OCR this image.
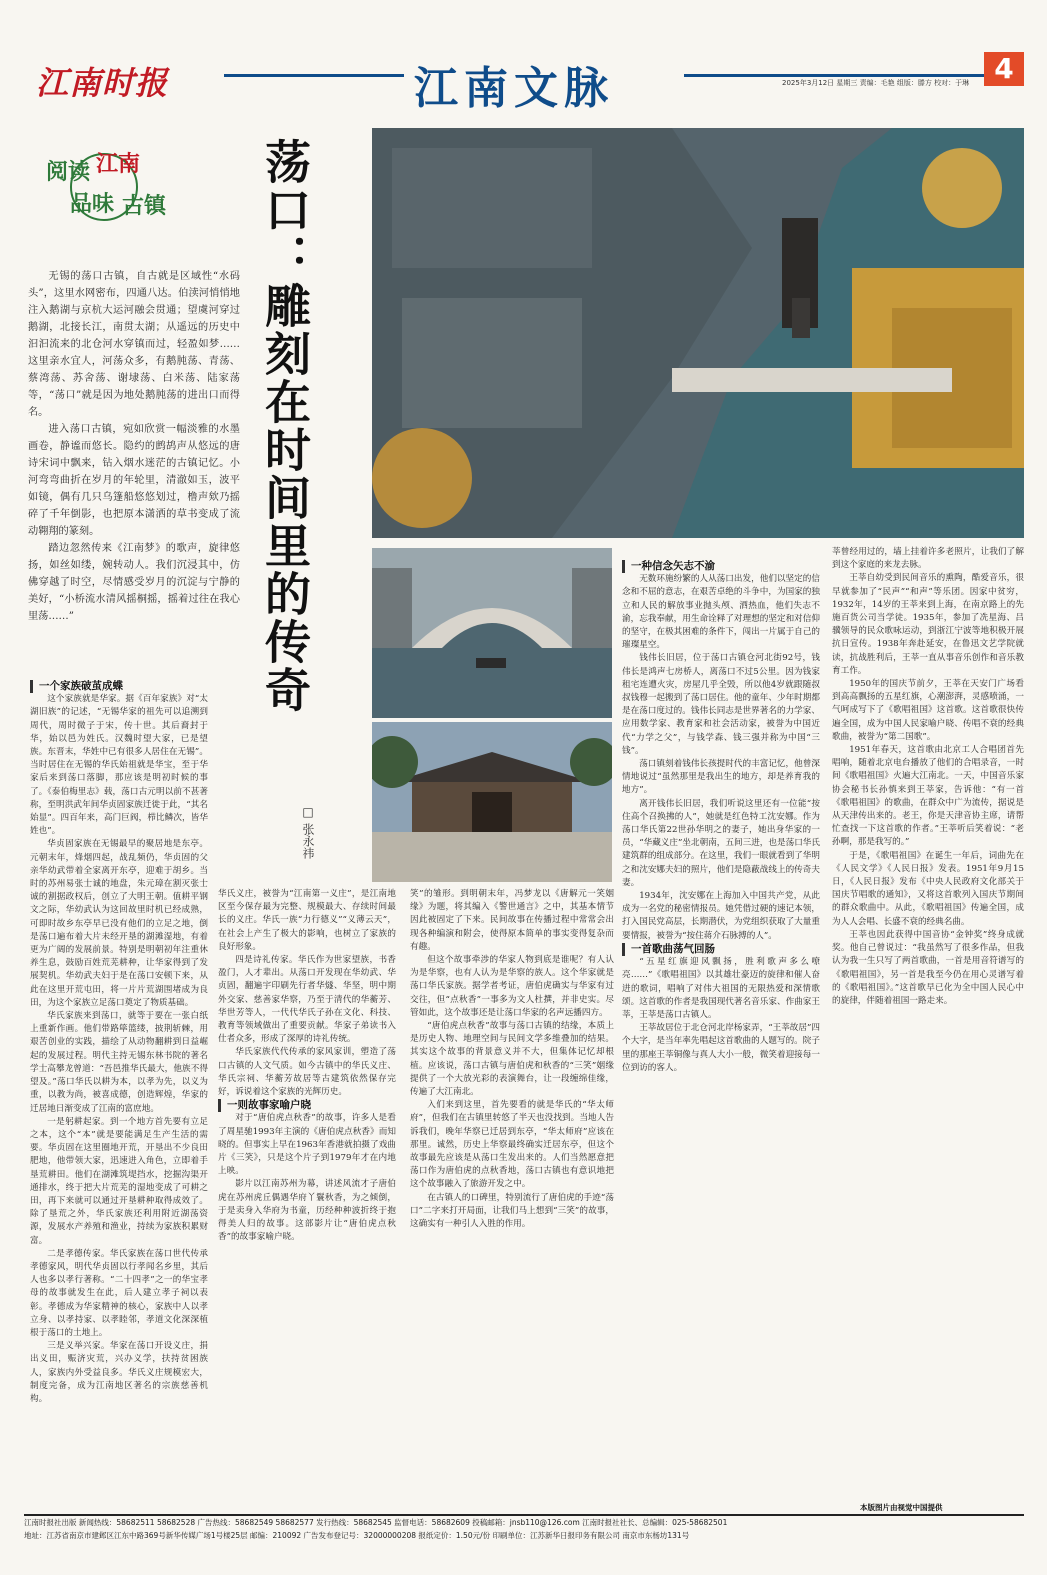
江南时报	江南文脉	2025年3月12日 星期三 责编：毛艳 组版：滕方 校对：于琳 4
阅读 江南
品味 古镇 荡口：雕刻在时间里的传奇
□ 张永祎

无锡的荡口古镇，自古就是区域性“水码头”，这里水网密布，四通八达。伯渎河悄悄地注入鹅湖与京杭大运河融会贯通；望虞河穿过鹅湖，北接长江，南贯太湖；从遥远的历史中汩汩流来的北仓河水穿镇而过，轻盈如梦……这里亲水宜人，河荡众多，有鹅肫荡、青荡、蔡湾荡、苏舍荡、谢埭荡、白米荡、陆家荡等，“荡口”就是因为地处鹅肫荡的进出口而得名。

进入荡口古镇，宛如欣赏一幅淡雅的水墨画卷，静谧而悠长。隐约的鹧鸪声从悠远的唐诗宋词中飘来，钻入烟水迷茫的古镇记忆。小河弯弯曲折在岁月的年轮里，清澈如玉，波平如镜，偶有几只乌篷船悠悠划过，橹声欸乃摇碎了千年倒影，也把原本潇洒的草书变成了流动翱翔的篆刻。

踏边忽然传来《江南梦》的歌声，旋律悠扬，如丝如缕，婉转动人。我们沉浸其中，仿佛穿越了时空，尽情感受岁月的沉淀与宁静的美好，“小桥流水清风摇桐摇，摇着过往在我心里荡……”

一个家族破茧成蝶

这个家族就是华家。据《百年家族》对“太湖旧族”的记述，“无锡华家的祖先可以追溯到周代，周时微子于宋，传十世。其后裔封于华，始以邑为姓氏。汉魏时望大家，已是望族。东晋末，华姓中已有很多人居住在无锡”。当时居住在无锡的华氏始祖就是华宝，至于华家后来到荡口落脚，那应该是明初时候的事了。《泰伯梅里志》载，荡口古元明以前不甚著称，至明洪武年间华贞固家族迁徙于此，“其名始显”。四百年来，高门巨阀，栉比鳞次，皆华姓也”。

华贞固家族在无锡最早的聚居地是东亭。元朝末年，烽烟四起，战乱频仍，华贞固的父亲华幼武带着全家离开东亭，迎难于胡乡。当时的苏州易张士诚的地盘，朱元璋在割灭张士诚的割据政权后，创立了大明王朝。值耕平钢文之际，华幼武认为这回故里时机已经成熟，可即时故乡东亭早已没有他们的立足之地，倒是荡口遍布着大片未经开垦的湖滩湿地，有着更为广阔的发展前景。特别是明朝初年注重休养生息，鼓励百姓荒芜耕种，让华家得到了发展契机。华幼武夫妇于是在荡口安顿下来，从此在这里开荒屯田，将一片片荒湖围堵成为良田，为这个家族立足荡口奠定了物质基础。

华氏家族来到荡口，就等于要在一张白纸上重新作画。他们带路筚篮缕，披荆斩棘，用艰苦创业的实践，描绘了从动物翻耕到日益崛起的发展过程。明代主持无锡东林书院的著名学士高攀龙曾道：“吾邑推华氏最大，他族不得望及。”荡口华氏以耕为本，以孝为先，以义为重，以教为尚，被喜成德，创造辉煌，华家的迁居地日渐变成了江南的富庶地。

一是躬耕起家。到一个地方首先要有立足之本，这个“本”就是要能满足生产生活的需要。华贞固在这里圈地开荒，开垦出不少良田肥地，他带领大家，迅速进入角色，立即着手垦荒耕田。他们在湖滩筑堤挡水，挖掘沟渠开通排水，终于把大片荒芜的湿地变成了可耕之田，再下来就可以通过开垦耕种取得成效了。除了垦荒之外，华氏家族还利用附近湖荡资源，发展水产养殖和渔业，持续为家族积累财富。

二是孝德传家。华氏家族在荡口世代传承孝德家风，明代华贞固以行孝闻名乡里，其后人也多以孝行著称。“二十四孝”之一的华宝孝母的故事就发生在此，后人建立孝子祠以表彰。孝德成为华家精神的核心，家族中人以孝立身、以孝持家、以孝睦邻，孝道文化深深植根于荡口的土地上。

三是义举兴家。华家在荡口开设义庄，捐出义田，赈济灾荒，兴办义学，扶持贫困族人，家族内外受益良多。华氏义庄规模宏大，制度完备，成为江南地区著名的宗族慈善机构。

华氏义庄，被誉为“江南第一义庄”，是江南地区至今保存最为完整、规模最大、存续时间最长的义庄。华氏一族“力行德义”“义薄云天”，在社会上产生了极大的影响，也树立了家族的良好形象。

四是诗礼传家。华氏作为世家望族，书香盈门，人才辈出。从荡口开发现在华幼武、华贞固，翻遍宇印刷先行者华燧、华坚，明中期外交家、慈善家华察，乃至于清代的华蘅芳、华世芳等人，一代代华氏子孙在文化、科技、教育等领域做出了重要贡献。华家子弟读书入仕者众多，形成了深厚的诗礼传统。

华氏家族代代传承的家风家训，塑造了荡口古镇的人文气质。如今古镇中的华氏义庄、华氏宗祠、华蘅芳故居等古建筑依然保存完好，诉说着这个家族的光辉历史。

一则故事家喻户晓

对于“唐伯虎点秋香”的故事，许多人是看了周星驰1993年主演的《唐伯虎点秋香》而知晓的。但事实上早在1963年香港就拍摄了戏曲片《三笑》，只是这个片子到1979年才在内地上映。

影片以江南苏州为幕，讲述风流才子唐伯虎在苏州虎丘偶遇华府丫鬟秋香，为之倾倒，于是卖身入华府为书童，历经种种波折终于抱得美人归的故事。这部影片让“唐伯虎点秋香”的故事家喻户晓。

笑”的雏形。到明朝末年，冯梦龙以《唐解元一笑姻缘》为题，将其编入《警世通言》之中，其基本情节因此被固定了下来。民间故事在传播过程中常常会出现各种编演和附会，使得原本简单的事实变得复杂而有趣。

但这个故事牵涉的华家人物到底是谁呢？有人认为是华察，也有人认为是华察的族人。这个华家就是荡口华氏家族。据学者考证，唐伯虎确实与华家有过交往，但“点秋香”一事多为文人杜撰，并非史实。尽管如此，这个故事还是让荡口华家的名声远播四方。

“唐伯虎点秋香”故事与荡口古镇的结缘，本质上是历史人物、地理空间与民间文学多维叠加的结果。其实这个故事的背景意义并不大，但集体记忆却根植。应该说，荡口古镇与唐伯虎和秋香的“三笑”姻缘提供了一个大放光彩的表演舞台，让一段缠绵佳缘，传遍了大江南北。

入们来到这里，首先要看的就是华氏的“华太师府”，但我们在古镇里转悠了半天也没找到。当地人告诉我们，晚年华察已迁居到东亭，“华太师府”应该在那里。诚然，历史上华察最终确实迁居东亭，但这个故事最先应该是从荡口生发出来的。人们当然愿意把荡口作为唐伯虎的点秋香地，荡口古镇也有意识地把这个故事融入了旅游开发之中。

在古镇人的口碑里，特别流行了唐伯虎的手迹“荡口”二字来打开局面，让我们马上想到“三笑”的故事，这确实有一种引人入胜的作用。

一种信念矢志不渝

无数环施纷繁的人从荡口出发，他们以坚定的信念和不屈的意志，在艰苦卓绝的斗争中，为国家的独立和人民的解放事业抛头颅、洒热血，他们失志不渝，忘我奉献，用生命诠释了对理想的坚定和对信仰的坚守，在极其困难的条件下，闯出一片属于自己的璀璨星空。

钱伟长旧居，位于荡口古镇仓河北街92号，钱伟长是鸿声七房桥人，离荡口不过5公里。因为钱家租宅连遭火灾，房屋几乎全毁，所以他4岁就跟随叔叔钱穆一起搬到了荡口居住。他的童年、少年时期都是在荡口度过的。钱伟长同志是世界著名的力学家、应用数学家、教育家和社会活动家，被誉为中国近代“力学之父”，与钱学森、钱三强并称为中国“三钱”。

荡口镇刻着钱伟长孩提时代的丰富记忆，他曾深情地说过“虽然那里是我出生的地方，却是养育我的地方”。

离开钱伟长旧居，我们听说这里还有一位能“按住高个召换拂的人”，她就是红色特工沈安娜。作为荡口华氏第22世孙华明之的妻子，她出身华家的一员，“华藏义庄”坐北朝南，五间三进，也是荡口华氏建筑群的组成部分。在这里，我们一眼就看到了华明之和沈安娜夫妇的照片，他们是隐蔽战线上的传奇夫妻。

1934年，沈安娜在上海加入中国共产党，从此成为一名党的秘密情报员。她凭借过硬的速记本领，打入国民党高层，长期潜伏，为党组织获取了大量重要情报，被誉为“按住蒋介石脉搏的人”。

一首歌曲荡气回肠

“五星红旗迎风飘扬，胜利歌声多么嘹亮……”《歌唱祖国》以其雄壮豪迈的旋律和催人奋进的歌词，唱响了对伟大祖国的无限热爱和深情歌颂。这首歌的作者是我国现代著名音乐家、作曲家王莘，王莘是荡口古镇人。

王莘故居位于北仓河北岸杨家弄，“王莘故居”四个大字，是当年率先唱起这首歌曲的人题写的。院子里的那座王莘铜像与真人大小一般，微笑着迎接每一位到访的客人。

莘曾经用过的，墙上挂着许多老照片，让我们了解到这个家庭的来龙去脉。

王莘自幼受到民间音乐的熏陶，酷爱音乐，很早就参加了“民声”“和声”等乐团。因家中贫穷，1932年，14岁的王莘来到上海，在南京路上的先施百货公司当学徒。1935年，参加了冼星海、吕骥领导的民众歌咏运动，到浙江宁波等地积极开展抗日宣传。1938年奔赴延安，在鲁迅文艺学院就读，抗战胜利后，王莘一直从事音乐创作和音乐教育工作。

1950年的国庆节前夕，王莘在天安门广场看到高高飘扬的五星红旗，心潮澎湃，灵感喷涌，一气呵成写下了《歌唱祖国》这首歌。这首歌很快传遍全国，成为中国人民家喻户晓、传唱不衰的经典歌曲，被誉为“第二国歌”。

1951年春天，这首歌由北京工人合唱团首先唱响，随着北京电台播放了他们的合唱录音，一时间《歌唱祖国》火遍大江南北。一天，中国音乐家协会秘书长孙慎来到王莘家，告诉他：“有一首《歌唱祖国》的歌曲，在群众中广为流传，据说是从天津传出来的。老王，你是天津音协主席，请帮忙查找一下这首歌的作者。”王莘听后笑着说：“老孙啊，那是我写的。”

于是，《歌唱祖国》在诞生一年后，词曲先在《人民文学》《人民日报》发表。1951年9月15日，《人民日报》发布《中央人民政府文化部关于国庆节唱歌的通知》，又将这首歌列入国庆节期间的群众歌曲中。从此，《歌唱祖国》传遍全国，成为人人会唱、长盛不衰的经典名曲。

王莘也因此获得中国音协“金钟奖”终身成就奖。他自己曾说过：“我虽然写了很多作品，但我认为我一生只写了两首歌曲，一首是用音符谱写的《歌唱祖国》，另一首是我至今仍在用心灵谱写着的《歌唱祖国》。”这首歌早已化为全中国人民心中的旋律，伴随着祖国一路走来。

本版图片由视觉中国提供
江南时报社出版 新闻热线：58682511 58682528 广告热线：58682549 58682577 发行热线：58682545 监督电话：58682609 投稿邮箱：jnsb110@126.com 江南时报社社长、总编辑：025-58682501
地址：江苏省南京市建邺区江东中路369号新华传媒广场1号楼25层 邮编：210092 广告发布登记号：32000000208 报纸定价：1.50元/份 印刷单位：江苏新华日报印务有限公司 南京市东杨坊131号
